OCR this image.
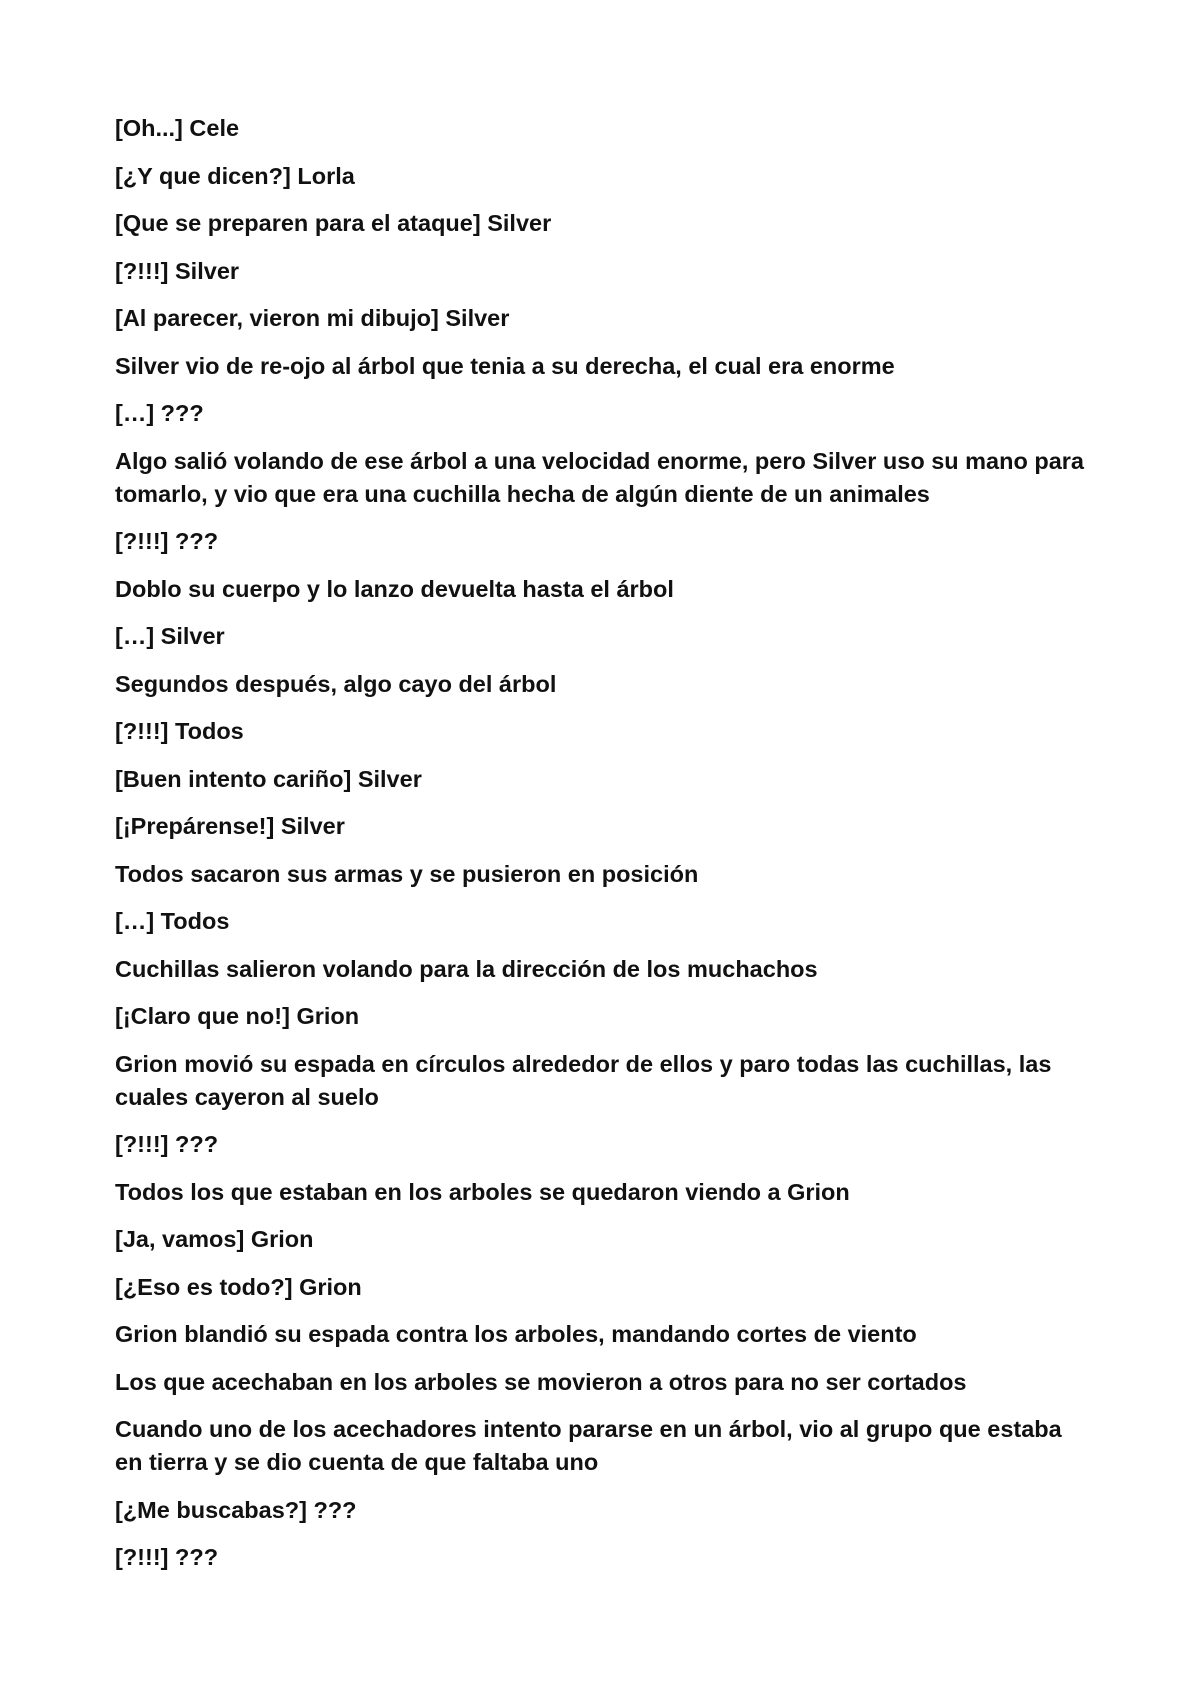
[Oh...] Cele

[¿Y que dicen?] Lorla

[Que se preparen para el ataque] Silver

[?!!!] Silver

[Al parecer, vieron mi dibujo] Silver

Silver vio de re-ojo al árbol que tenia a su derecha, el cual era enorme

[…] ???

Algo salió volando de ese árbol a una velocidad enorme, pero Silver uso su mano para tomarlo, y vio que era una cuchilla hecha de algún diente de un animales

[?!!!] ???

Doblo su cuerpo y lo lanzo devuelta hasta el árbol

[…] Silver

Segundos después, algo cayo del árbol

[?!!!] Todos

[Buen intento cariño] Silver

[¡Prepárense!] Silver

Todos sacaron sus armas y se pusieron en posición

[…] Todos

Cuchillas salieron volando para la dirección de los muchachos

[¡Claro que no!] Grion

Grion movió su espada en círculos alrededor de ellos y paro todas las cuchillas, las cuales cayeron al suelo

[?!!!] ???

Todos los que estaban en los arboles se quedaron viendo a Grion

[Ja, vamos] Grion

[¿Eso es todo?] Grion

Grion blandió su espada contra los arboles, mandando cortes de viento

Los que acechaban en los arboles se movieron a otros para no ser cortados

Cuando uno de los acechadores intento pararse en un árbol, vio al grupo que estaba en tierra y se dio cuenta de que faltaba uno

[¿Me buscabas?] ???

[?!!!] ???
